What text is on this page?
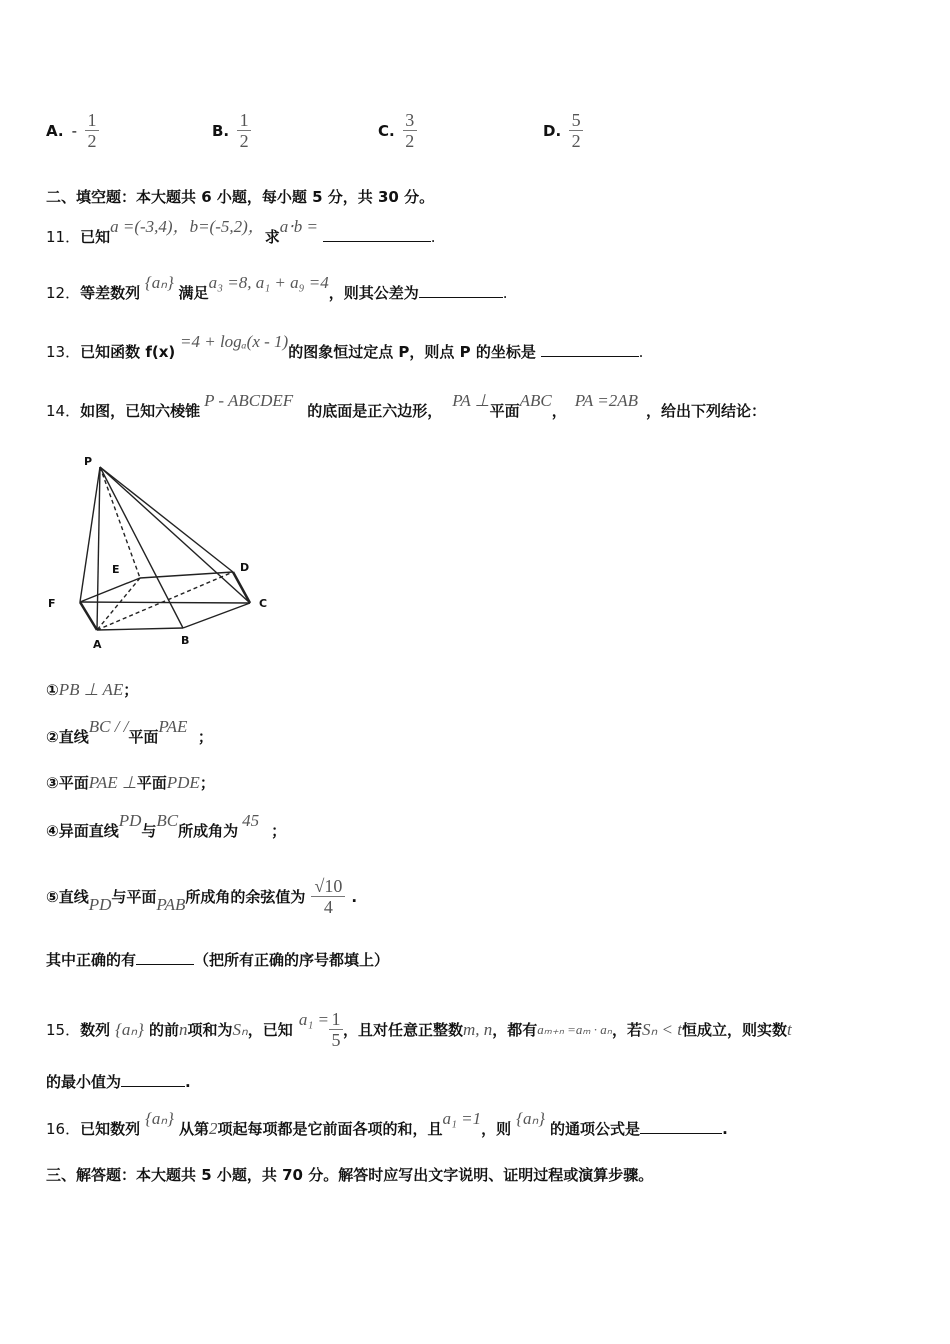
A. - $\frac{1}{2}$	B. $\frac{1}{2}$	C. $\frac{3}{2}$	D. $\frac{5}{2}$
二、填空题：本大题共 6 小题，每小题 5 分，共 30 分。
11．已知a =(-3,4)，b=(-5,2)，求a⋅b = .
12．等差数列 {aₙ} 满足a₃ =8, a₁ + a₉ =4，则其公差为	.
13．已知函数 f(x) =4 + logₐ(x - 1)的图象恒过定点 P，则点 P 的坐标是	.
14．如图，已知六棱锥P - ABCDEF的底面是正六边形，PA ⊥平面ABC，PA =2AB，给出下列结论：
P
E	D
F	C
A	B
①PB ⊥ AE；
②直线BC / /平面PAE  ；
③平面PAE ⊥平面PDE；
④异面直线PD与BC所成角为45；
⑤ 直线 PD 与平面 PAB 所成角的余弦值为 $\frac{√10}{4}$ .
其中正确的有	（把所有正确的序号都填上）
15． 数列 {aₙ} 的前 n 项和为 Sₙ ，已知
$a_1 = \frac{1}{5}$ ，且对任意正整数 m, n ，都有 aₘ₊ₙ =aₘ · aₙ ，若 Sₙ < t 恒成立，则实数 t
的最小值为	.
16．已知数列{aₙ}从第2项起每项都是它前面各项的和，且a₁ =1，则{aₙ}的通项公式是	.
三、解答题：本大题共 5 小题，共 70 分。解答时应写出文字说明、证明过程或演算步骤。
